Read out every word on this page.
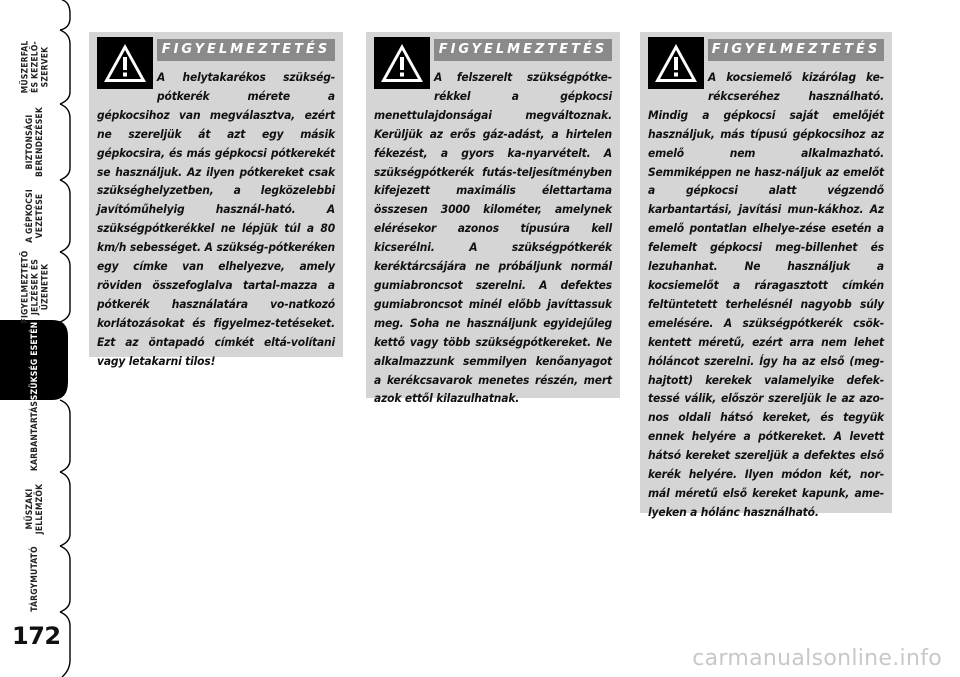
MŰSZERFAL
ÉS KEZELŐ-
SZERVEK
BIZTONSÁGI
BERENDEZÉSEK
A GÉPKOCSI
VEZETÉSE
FIGYELMEZTETŐ
JELZÉSEK ÉS
ÜZENETEK
SZÜKSÉG ESETÉN
KARBANTARTÁS
MŰSZAKI
JELLEMZŐK
TÁRGYMUTATÓ
172
FIGYELMEZTETÉS
A helytakarékos szükség-pótkerék mérete a gépkocsihoz van megválasztva, ezért ne szereljük át azt egy másik gépkocsira, és más gépkocsi pótkerekét se használjuk. Az ilyen pótkereket csak szükséghelyzetben, a legközelebbi javítóműhelyig használ-ható. A szükségpótkerékkel ne lépjük túl a 80 km/h sebességet. A szükség-pótkeréken egy címke van elhelyezve, amely röviden összefoglalva tartal-mazza a pótkerék használatára vo-natkozó korlátozásokat és figyelmez-tetéseket. Ezt az öntapadó címkét eltá-volítani vagy letakarni tilos!
FIGYELMEZTETÉS
A felszerelt szükségpótke-rékkel a gépkocsi menettulajdonságai megváltoznak. Kerüljük az erős gáz-adást, a hirtelen fékezést, a gyors ka-nyarvételt. A szükségpótkerék futás-teljesítményben kifejezett maximális élettartama összesen 3000 kilométer, amelynek elérésekor azonos típusúra kell kicserélni. A szükségpótkerék keréktárcsájára ne próbáljunk normál gumiabroncsot szerelni. A defektes gumiabroncsot minél előbb javíttassuk meg. Soha ne használjunk egyidejűleg kettő vagy több szükségpótkereket. Ne alkalmazzunk semmilyen kenőanyagot a kerékcsavarok menetes részén, mert azok ettől kilazulhatnak.
FIGYELMEZTETÉS
A kocsiemelő kizárólag ke-rékcseréhez használható. Mindig a gépkocsi saját emelőjét használjuk, más típusú gépkocsihoz az emelő nem alkalmazható. Semmiképpen ne hasz-náljuk az emelőt a gépkocsi alatt végzendő karbantartási, javítási mun-kákhoz. Az emelő pontatlan elhelye-zése esetén a felemelt gépkocsi meg-billenhet és lezuhanhat. Ne használjuk a kocsiemelőt a ráragasztott címkén feltüntetett terhelésnél nagyobb súly emelésére. A szükségpótkerék csök-kentett méretű, ezért arra nem lehet hóláncot szerelni. Így ha az első (meg-hajtott) kerekek valamelyike defek-tessé válik, először szereljük le az azo-nos oldali hátsó kereket, és tegyük ennek helyére a pótkereket. A levett hátsó kereket szereljük a defektes első kerék helyére. Ilyen módon két, nor-mál méretű első kereket kapunk, ame-lyeken a hólánc használható.
carmanualsonline.info
